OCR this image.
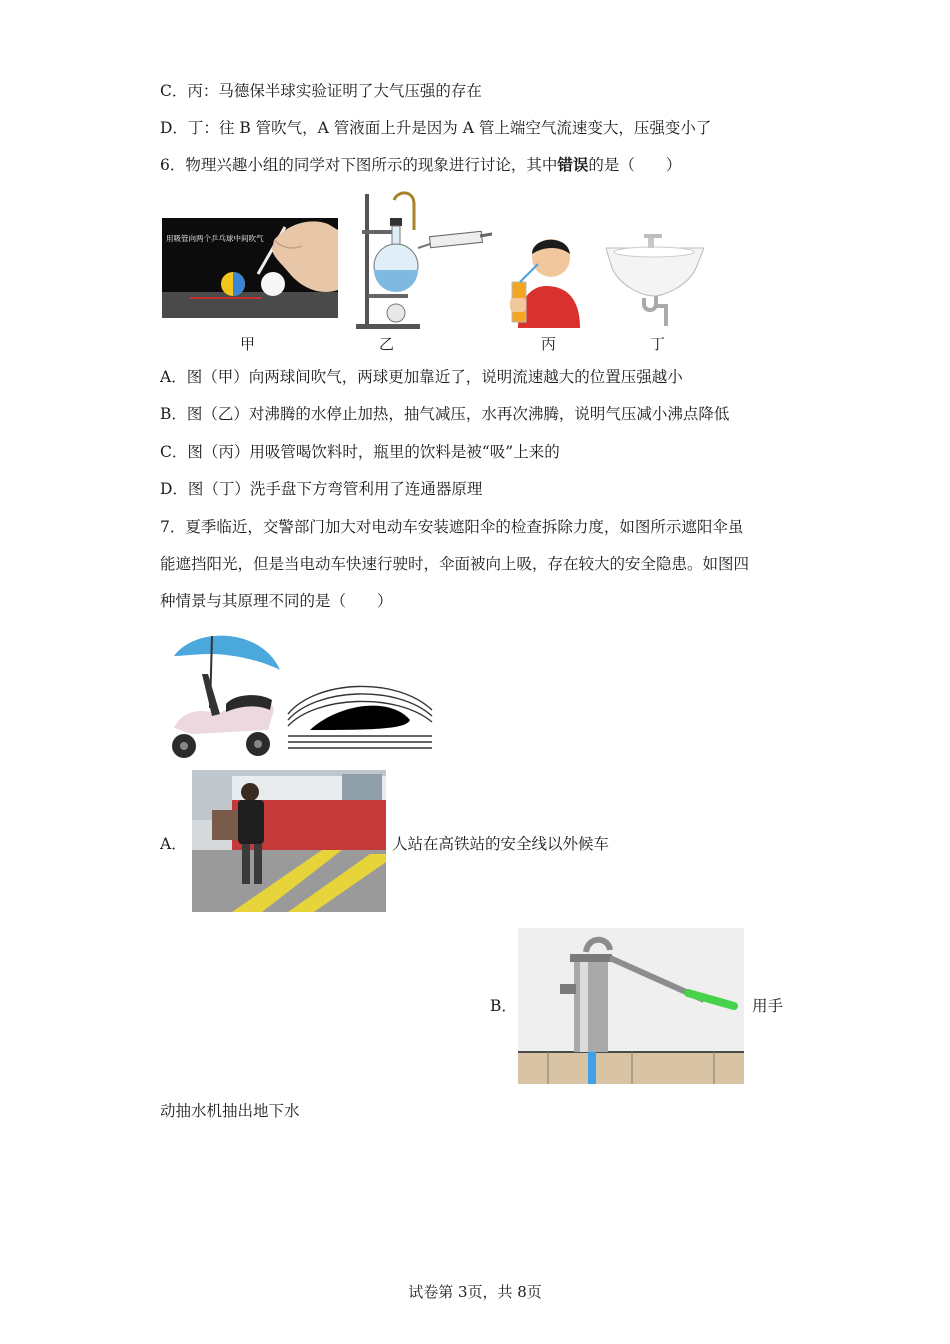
C．丙：马德保半球实验证明了大气压强的存在
D．丁：往 B 管吹气，A 管液面上升是因为 A 管上端空气流速变大，压强变小了
6．物理兴趣小组的同学对下图所示的现象进行讨论，其中错误的是（　　）
用吸管向两个乒乓球中间吹气
甲	乙	丙	丁
A．图（甲）向两球间吹气，两球更加靠近了，说明流速越大的位置压强越小
B．图（乙）对沸腾的水停止加热，抽气减压，水再次沸腾，说明气压减小沸点降低
C．图（丙）用吸管喝饮料时，瓶里的饮料是被“吸”上来的
D．图（丁）洗手盘下方弯管利用了连通器原理
7．夏季临近，交警部门加大对电动车安装遮阳伞的检查拆除力度，如图所示遮阳伞虽
能遮挡阳光，但是当电动车快速行驶时，伞面被向上吸，存在较大的安全隐患。如图四
种情景与其原理不同的是（　　）
A．	人站在高铁站的安全线以外候车
B．	用手
动抽水机抽出地下水
试卷第 3页，共 8页
